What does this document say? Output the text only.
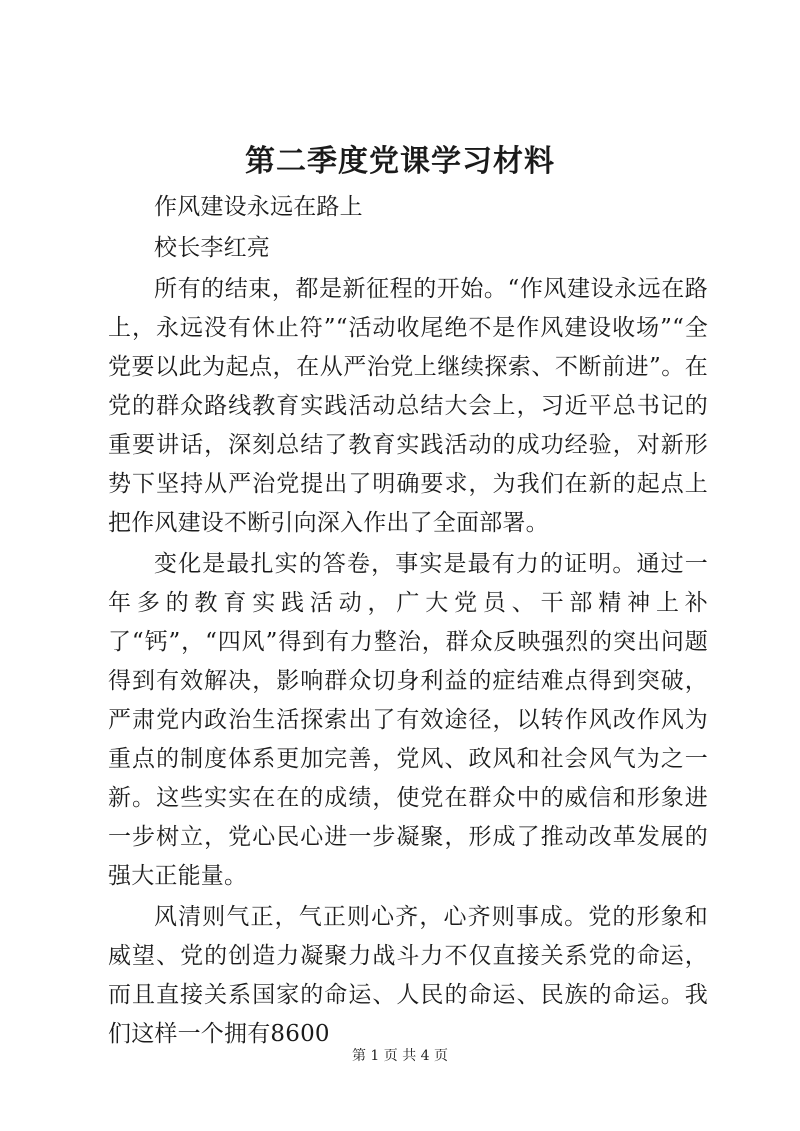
第二季度党课学习材料

作风建设永远在路上

校长李红亮

所有的结束，都是新征程的开始。“作风建设永远在路上，永远没有休止符”“活动收尾绝不是作风建设收场”“全党要以此为起点，在从严治党上继续探索、不断前进”。在党的群众路线教育实践活动总结大会上，习近平总书记的重要讲话，深刻总结了教育实践活动的成功经验，对新形势下坚持从严治党提出了明确要求，为我们在新的起点上把作风建设不断引向深入作出了全面部署。

变化是最扎实的答卷，事实是最有力的证明。通过一年多的教育实践活动，广大党员、干部精神上补了“钙”，“四风”得到有力整治，群众反映强烈的突出问题得到有效解决，影响群众切身利益的症结难点得到突破，严肃党内政治生活探索出了有效途径，以转作风改作风为重点的制度体系更加完善，党风、政风和社会风气为之一新。这些实实在在的成绩，使党在群众中的威信和形象进一步树立，党心民心进一步凝聚，形成了推动改革发展的强大正能量。

风清则气正，气正则心齐，心齐则事成。党的形象和威望、党的创造力凝聚力战斗力不仅直接关系党的命运，而且直接关系国家的命运、人民的命运、民族的命运。我们这样一个拥有8600

第 1 页 共 4 页
